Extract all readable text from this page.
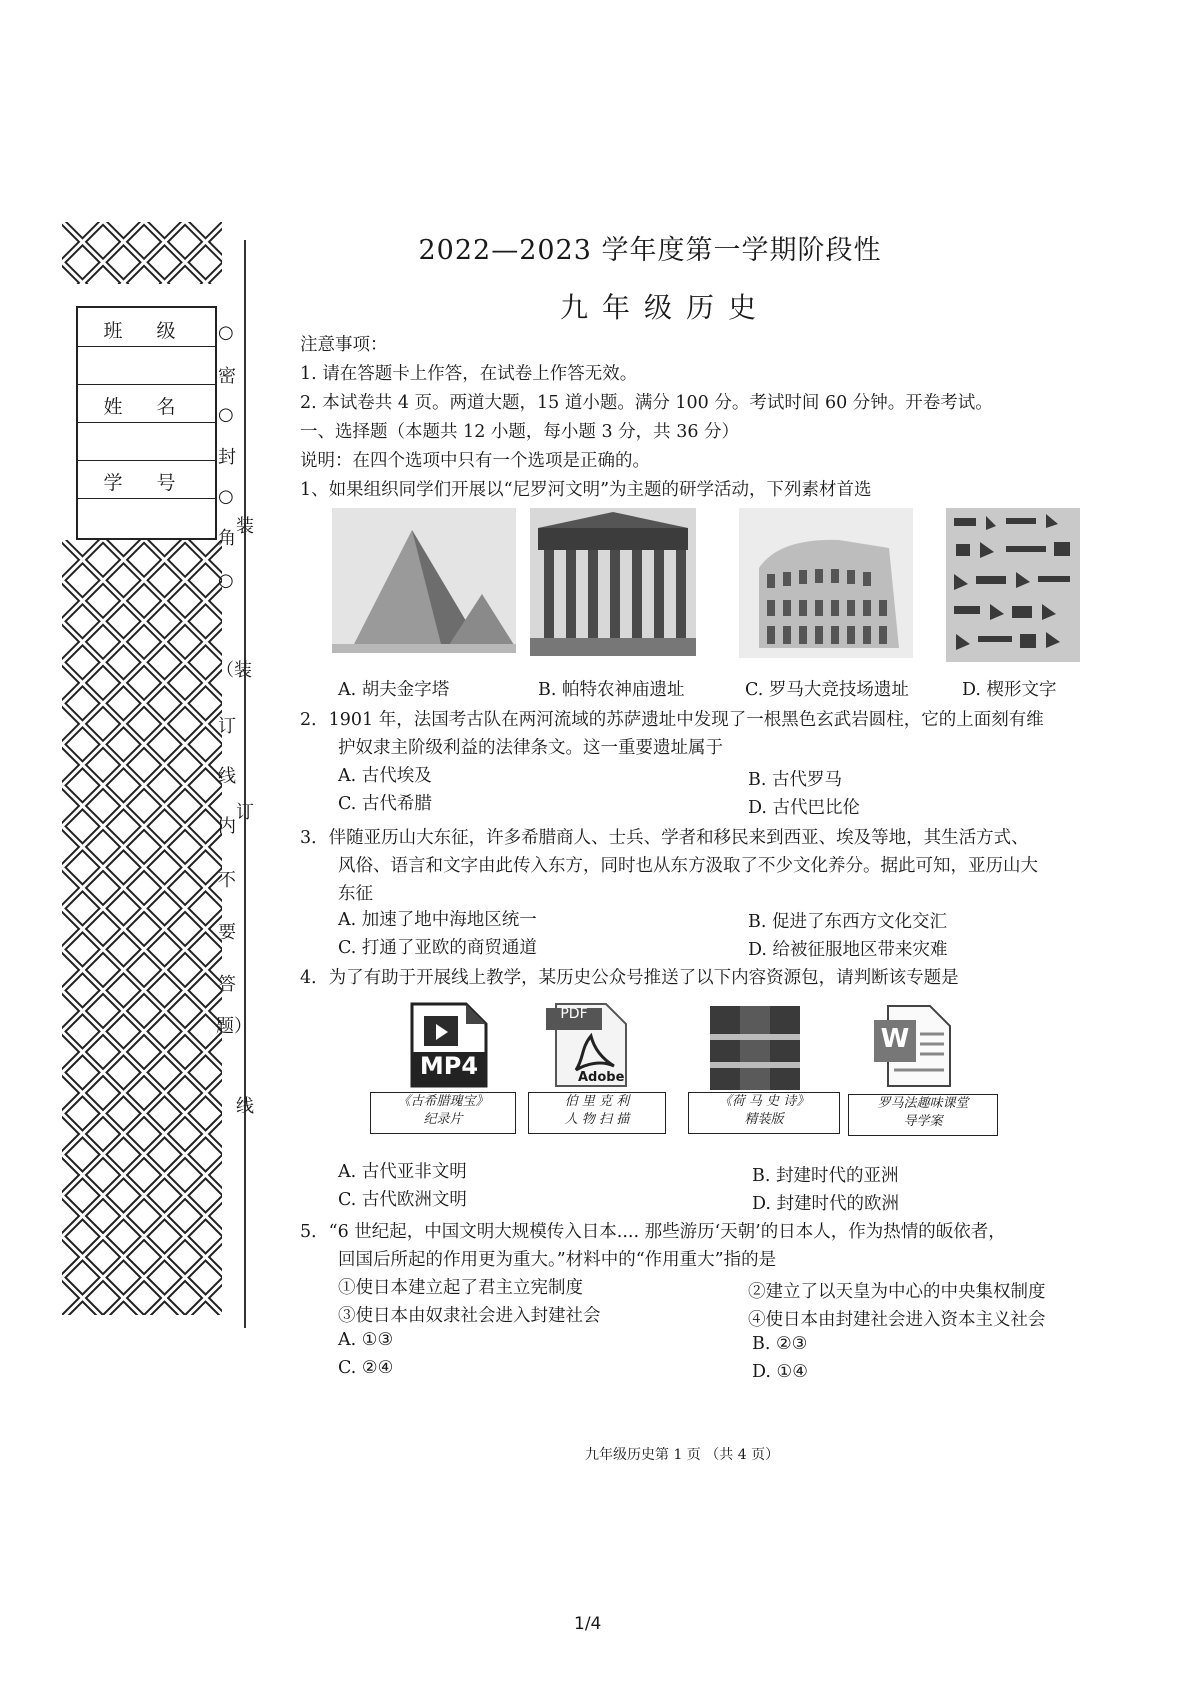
班 级
姓 名
学 号
○
密
○
封
○
角
○
装
订
线
（装
订
线
内
不
要
答
题）
2022—2023 学年度第一学期阶段性
九年级历史
注意事项：
1. 请在答题卡上作答，在试卷上作答无效。
2. 本试卷共 4 页。两道大题，15 道小题。满分 100 分。考试时间 60 分钟。开卷考试。
一、选择题（本题共 12 小题，每小题 3 分，共 36 分）
说明：在四个选项中只有一个选项是正确的。
1、如果组织同学们开展以“尼罗河文明”为主题的研学活动，下列素材首选
A. 胡夫金字塔	B. 帕特农神庙遗址	C. 罗马大竞技场遗址	D. 楔形文字
2．1901 年，法国考古队在两河流域的苏萨遗址中发现了一根黑色玄武岩圆柱，它的上面刻有维
护奴隶主阶级利益的法律条文。这一重要遗址属于
A. 古代埃及	B. 古代罗马
C. 古代希腊	D. 古代巴比伦
3．伴随亚历山大东征，许多希腊商人、士兵、学者和移民来到西亚、埃及等地，其生活方式、
风俗、语言和文字由此传入东方，同时也从东方汲取了不少文化养分。据此可知，亚历山大
东征
A. 加速了地中海地区统一	B. 促进了东西方文化交汇
C. 打通了亚欧的商贸通道	D. 给被征服地区带来灾难
4．为了有助于开展线上教学，某历史公众号推送了以下内容资源包，请判断该专题是
MP4
PDF
Adobe
W
《古希腊瑰宝》
纪录片
伯 里 克 利
人 物 扫 描
《荷 马 史 诗》
精装版
罗马法趣味课堂
导学案
A. 古代亚非文明	B. 封建时代的亚洲
C. 古代欧洲文明	D. 封建时代的欧洲
5．“6 世纪起，中国文明大规模传入日本.... 那些游历‘天朝’的日本人，作为热情的皈依者，
回国后所起的作用更为重大。”材料中的“作用重大”指的是
①使日本建立起了君主立宪制度	②建立了以天皇为中心的中央集权制度
③使日本由奴隶社会进入封建社会	④使日本由封建社会进入资本主义社会
A. ①③	B. ②③
C. ②④	D. ①④
九年级历史第 1 页 （共 4 页）
1/4
